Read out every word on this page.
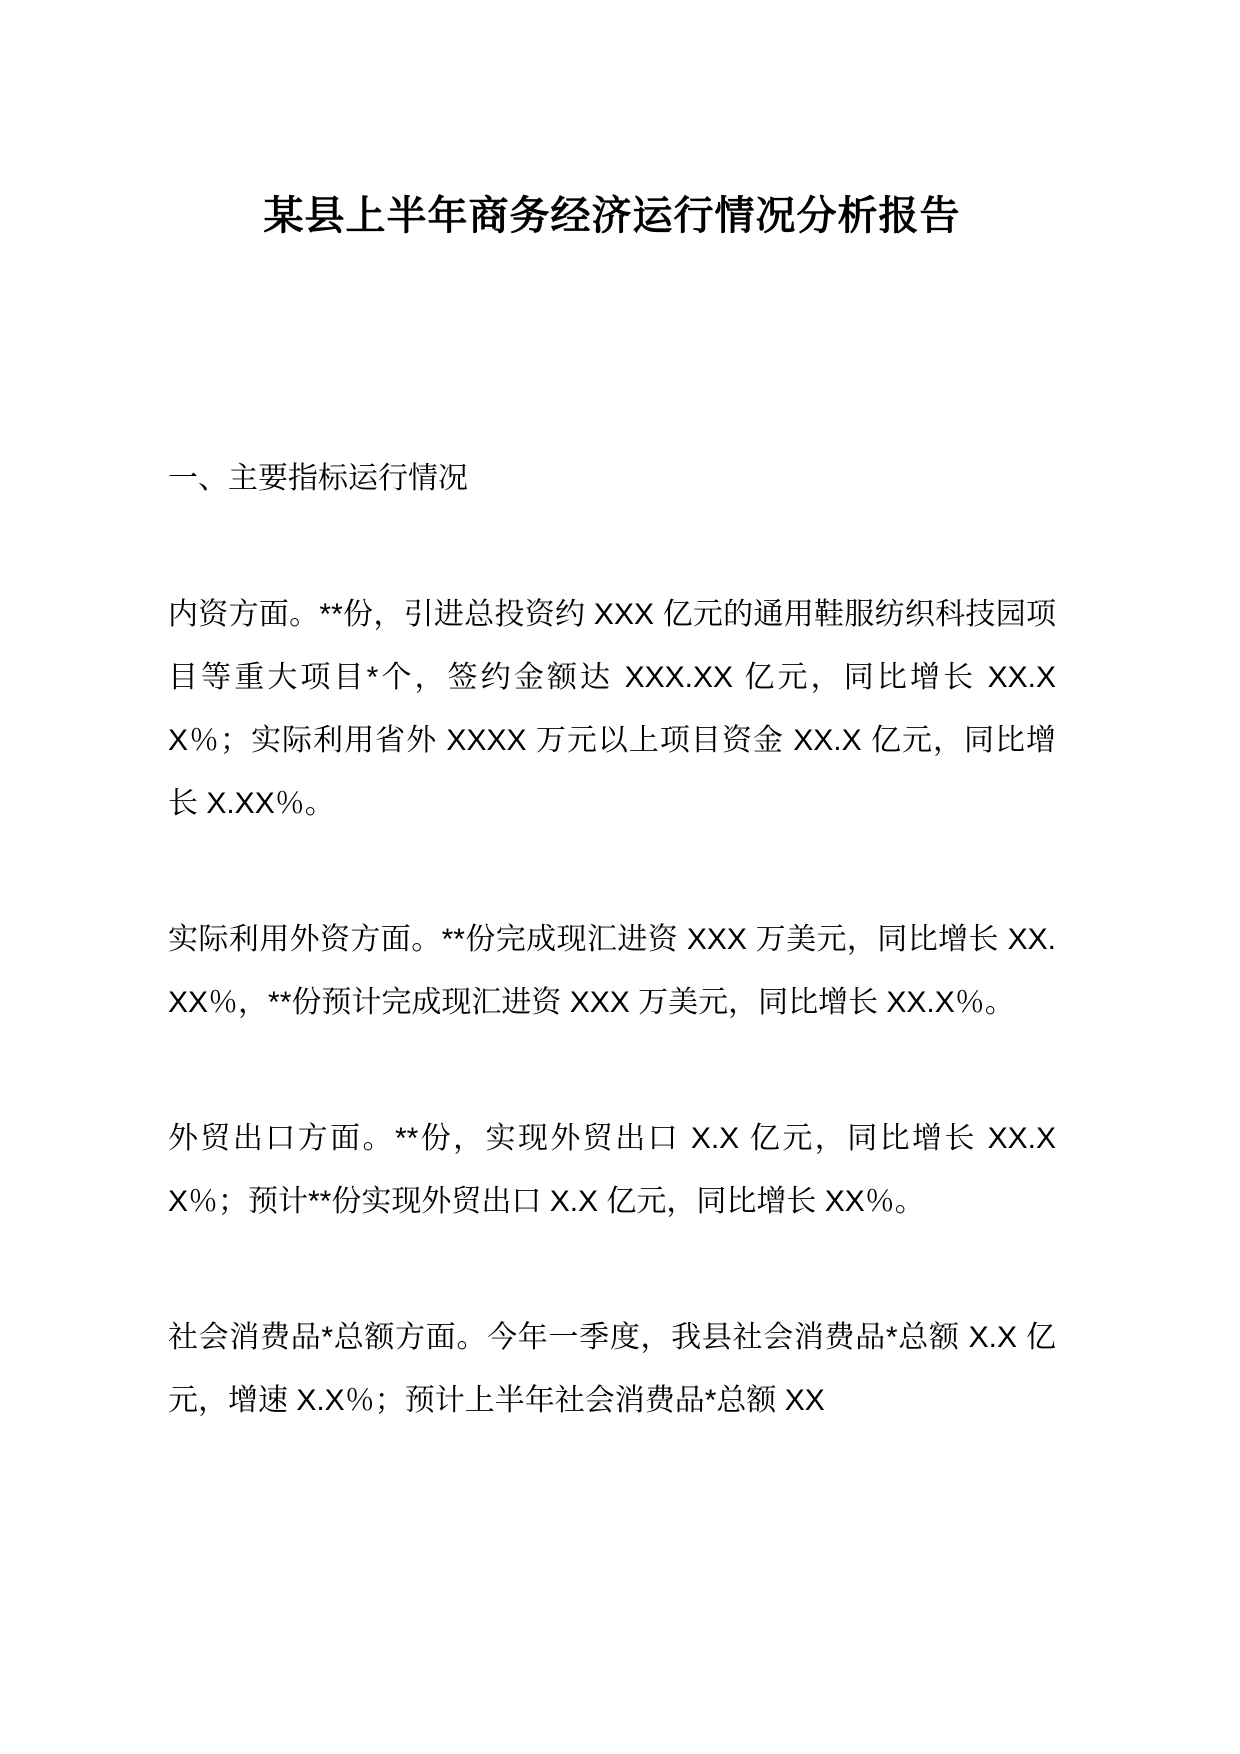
某县上半年商务经济运行情况分析报告
一、主要指标运行情况

内资方面。**份，引进总投资约 XXX 亿元的通用鞋服纺织科技园项目等重大项目*个，签约金额达 XXX.XX 亿元，同比增长 XX.XX％；实际利用省外 XXXX 万元以上项目资金 XX.X 亿元，同比增长 X.XX％。

实际利用外资方面。**份完成现汇进资 XXX 万美元，同比增长 XX.XX％，**份预计完成现汇进资 XXX 万美元，同比增长 XX.X％。

外贸出口方面。**份，实现外贸出口 X.X 亿元，同比增长 XX.XX％；预计**份实现外贸出口 X.X 亿元，同比增长 XX％。

社会消费品*总额方面。今年一季度，我县社会消费品*总额 X.X 亿元，增速 X.X％；预计上半年社会消费品*总额 XX
